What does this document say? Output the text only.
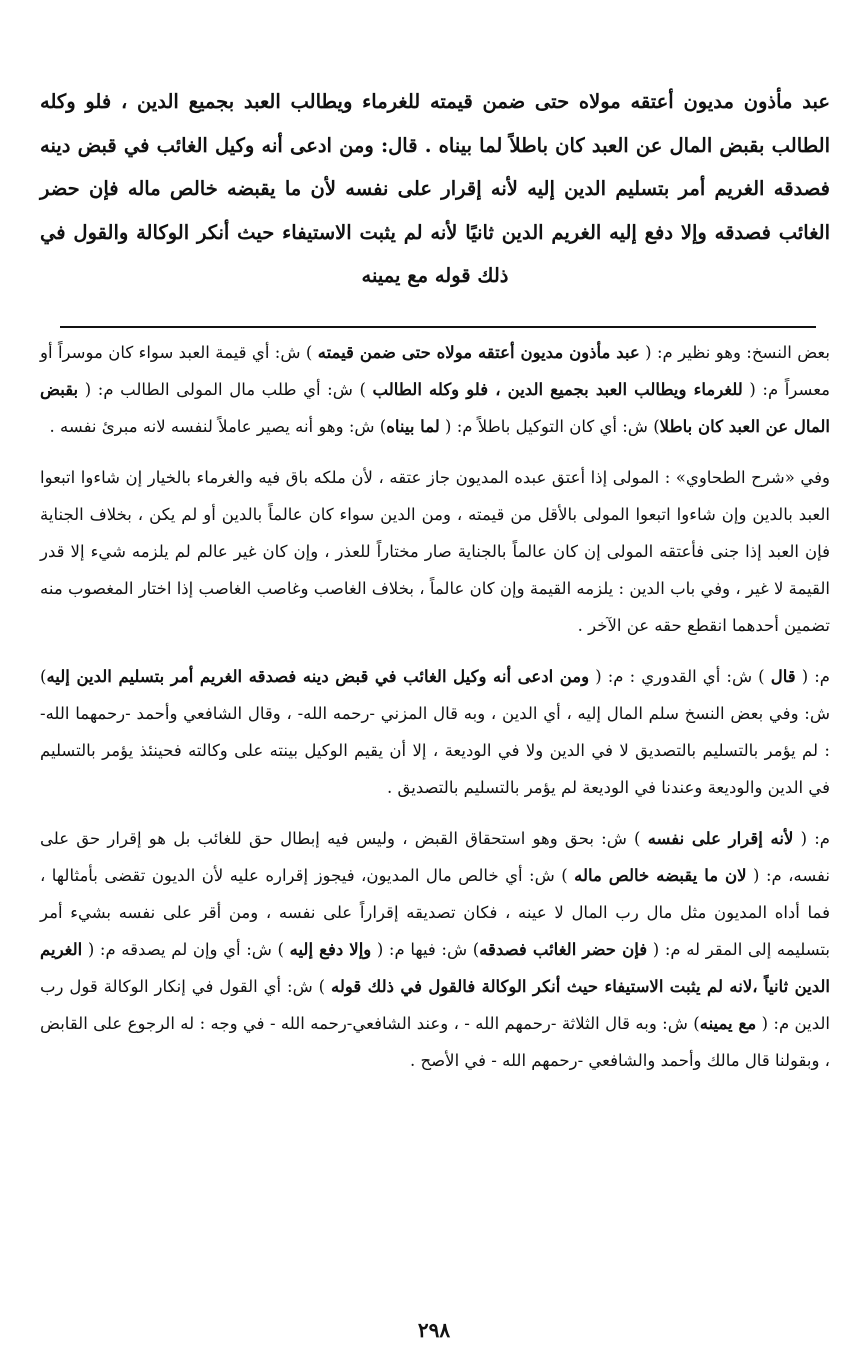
عبد مأذون مديون أعتقه مولاه حتى ضمن قيمته للغرماء ويطالب العبد بجميع الدين ، فلو وكله الطالب بقبض المال عن العبد كان باطلاً لما بيناه . قال: ومن ادعى أنه وكيل الغائب في قبض دينه فصدقه الغريم أمر بتسليم الدين إليه لأنه إقرار على نفسه لأن ما يقبضه خالص ماله فإن حضر الغائب فصدقه وإلا دفع إليه الغريم الدين ثانيًا لأنه لم يثبت الاستيفاء حيث أنكر الوكالة والقول في ذلك قوله مع يمينه

بعض النسخ: وهو نظير م: ( عبد مأذون مديون أعتقه مولاه حتى ضمن قيمته ) ش: أي قيمة العبد سواء كان موسراً أو معسراً م: ( للغرماء ويطالب العبد بجميع الدين ، فلو وكله الطالب ) ش: أي طلب مال المولى الطالب م: ( بقبض المال عن العبد كان باطلا) ش: أي كان التوكيل باطلاً م: ( لما بيناه) ش: وهو أنه يصير عاملاً لنفسه لانه مبرئ نفسه .

وفي «شرح الطحاوي» : المولى إذا أعتق عبده المديون جاز عتقه ، لأن ملكه باق فيه والغرماء بالخيار إن شاءوا اتبعوا العبد بالدين وإن شاءوا اتبعوا المولى بالأقل من قيمته ، ومن الدين سواء كان عالماً بالدين أو لم يكن ، بخلاف الجناية فإن العبد إذا جنى فأعتقه المولى إن كان عالماً بالجناية صار مختاراً للعذر ، وإن كان غير عالم لم يلزمه شيء إلا قدر القيمة لا غير ، وفي باب الدين : يلزمه القيمة وإن كان عالماً ، بخلاف الغاصب وغاصب الغاصب إذا اختار المغصوب منه تضمين أحدهما انقطع حقه عن الآخر .

م: ( قال ) ش: أي القدوري : م: ( ومن ادعى أنه وكيل الغائب في قبض دينه فصدقه الغريم أمر بتسليم الدين إليه) ش: وفي بعض النسخ سلم المال إليه ، أي الدين ، وبه قال المزني -رحمه الله- ، وقال الشافعي وأحمد -رحمهما الله- : لم يؤمر بالتسليم بالتصديق لا في الدين ولا في الوديعة ، إلا أن يقيم الوكيل بينته على وكالته فحينئذ يؤمر بالتسليم في الدين والوديعة وعندنا في الوديعة لم يؤمر بالتسليم بالتصديق .

م: ( لأنه إقرار على نفسه ) ش: بحق وهو استحقاق القبض ، وليس فيه إبطال حق للغائب بل هو إقرار حق على نفسه، م: ( لان ما يقبضه خالص ماله ) ش: أي خالص مال المديون، فيجوز إقراره عليه لأن الديون تقضى بأمثالها ، فما أداه المديون مثل مال رب المال لا عينه ، فكان تصديقه إقراراً على نفسه ، ومن أقر على نفسه بشيء أمر بتسليمه إلى المقر له م: ( فإن حضر الغائب فصدقه) ش: فيها م: ( وإلا دفع إليه ) ش: أي وإن لم يصدقه م: ( الغريم الدين ثانياً ،لانه لم يثبت الاستيفاء حيث أنكر الوكالة فالقول في ذلك قوله ) ش: أي القول في إنكار الوكالة قول رب الدين م: ( مع يمينه) ش: وبه قال الثلاثة -رحمهم الله - ، وعند الشافعي-رحمه الله - في وجه : له الرجوع على القابض ، وبقولنا قال مالك وأحمد والشافعي -رحمهم الله - في الأصح .

٢٩٨
